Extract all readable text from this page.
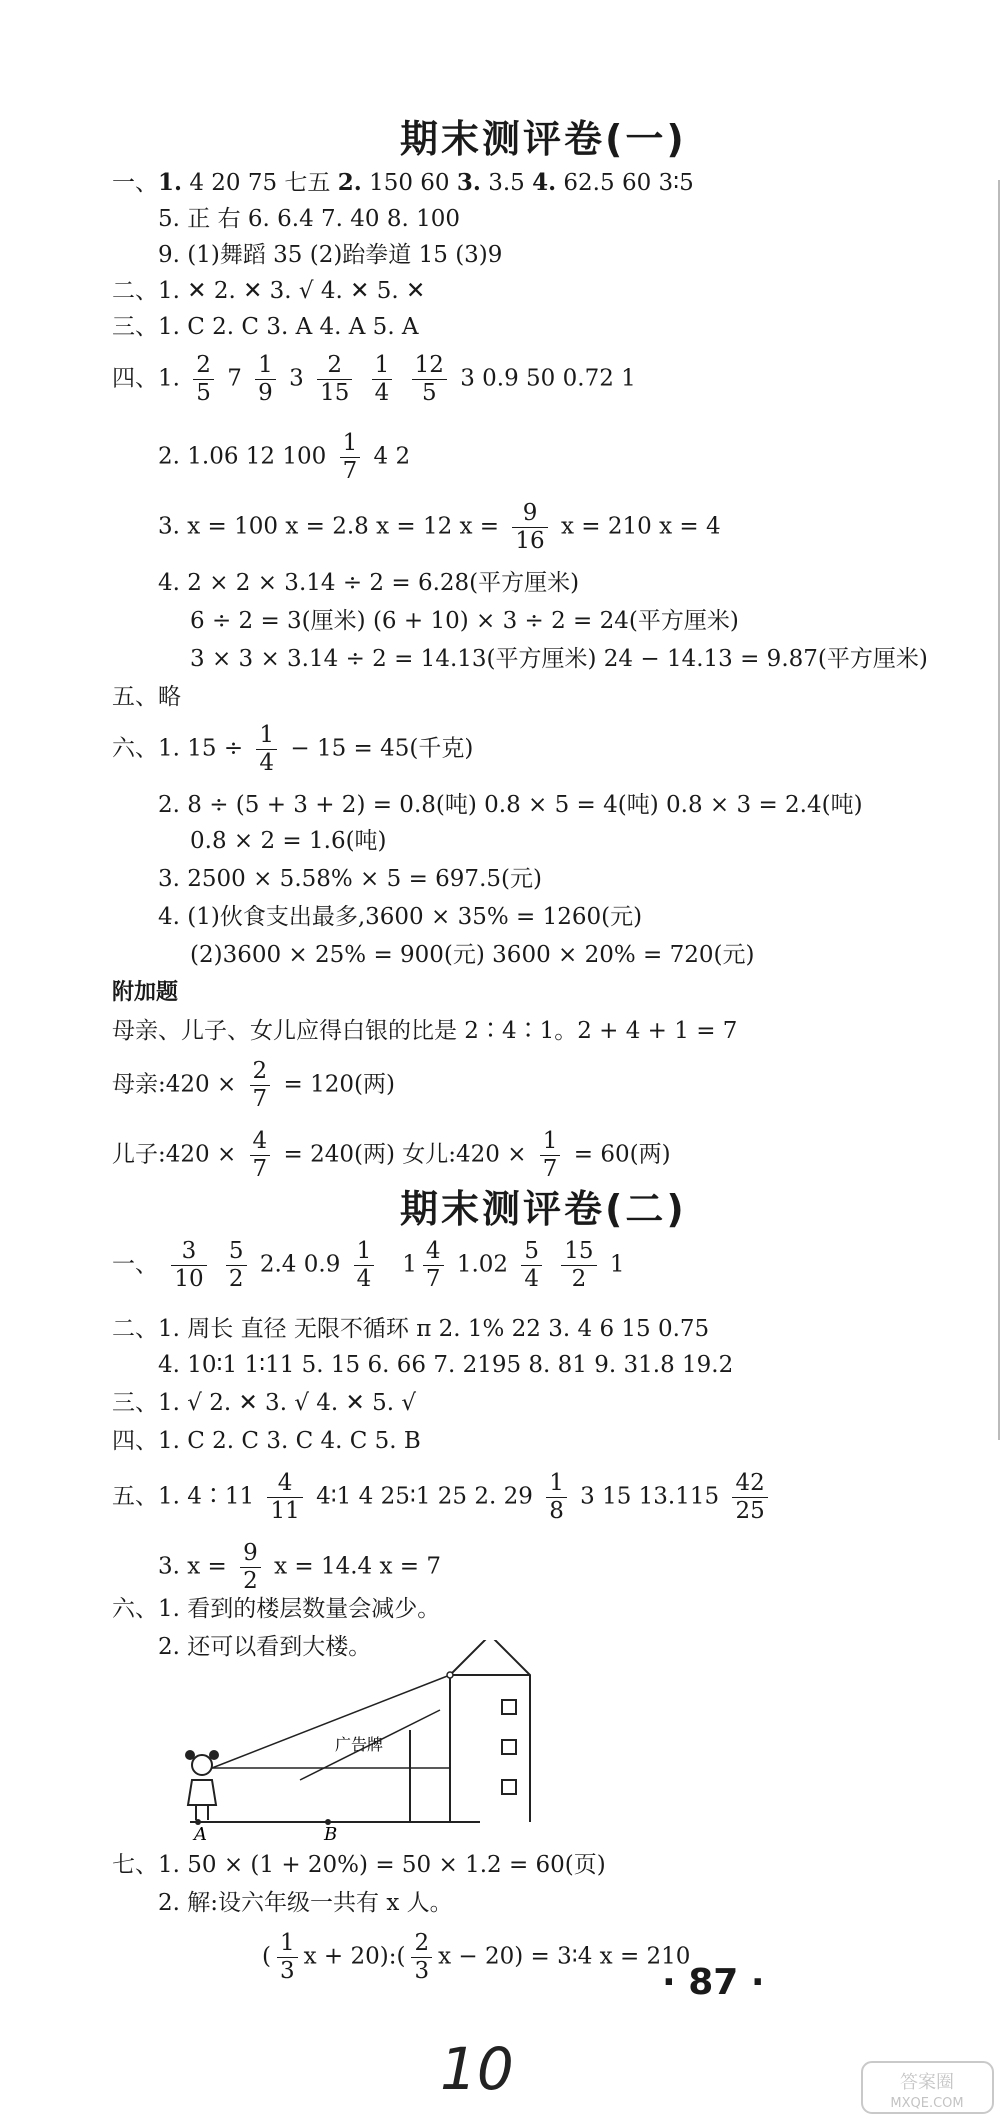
期末测评卷(一)
一、1. 4 20 75 七五 2. 150 60 3. 3.5 4. 62.5 60 3∶5
5. 正 右 6. 6.4 7. 40 8. 100
9. (1)舞蹈 35 (2)跆拳道 15 (3)9
二、1. ✕ 2. ✕ 3. √ 4. ✕ 5. ✕
三、1. C 2. C 3. A 4. A 5. A
四、1. $\frac{2}{5} 7 \frac{1}{9} 3 \frac{2}{15}$
$\frac{1}{4}$
$\frac{12}{5} 3$ 0.9 50 0.72 1
2. 1.06 12 $100 \frac{1}{7} 4$ 2
3. x = 100 x = 2.8 x = 12 $x = \frac{9}{16}$ x = 210 x = 4
4. 2 × 2 × 3.14 ÷ 2 = 6.28(平方厘米)
6 ÷ 2 = 3(厘米) (6 + 10) × 3 ÷ 2 = 24(平方厘米)
3 × 3 × 3.14 ÷ 2 = 14.13(平方厘米) 24 − 14.13 = 9.87(平方厘米)
五、略
六、1. $15 \div \frac{1}{4} - 15 = 45$(千克)
2. 8 ÷ (5 + 3 + 2) = 0.8(吨) 0.8 × 5 = 4(吨) 0.8 × 3 = 2.4(吨)
0.8 × 2 = 1.6(吨)
3. 2500 × 5.58% × 5 = 697.5(元)
4. (1)伙食支出最多,3600 × 35% = 1260(元)
(2)3600 × 25% = 900(元) 3600 × 20% = 720(元)
附加题
母亲、儿子、女儿应得白银的比是 2∶4∶1。2 + 4 + 1 = 7
母亲:420 × $\frac{2}{7} = 120$(两)
儿子:420 × $\frac{4}{7} = 240$(两) 女儿:420 × $\frac{1}{7} = 60$(两)
期末测评卷(二)
一、 $\frac{3}{10}$
$\frac{5}{2} 2.4$ $0.9 \frac{1}{4} 1 \frac{4}{7} 1.02 \frac{5}{4}$
$\frac{15}{2} 1$
二、1. 周长 直径 无限不循环 π 2. 1% 22 3. 4 6 15 0.75
4. 10∶1 1∶11 5. 15 6. 66 7. 2195 8. 81 9. 31.8 19.2
三、1. √ 2. ✕ 3. √ 4. ✕ 5. √
四、1. C 2. C 3. C 4. C 5. B
五、1. 4∶11 $\frac{4}{11}$ 4∶1 4 25∶1 25 2. $29 \frac{1}{8} 3$ 15 $13.115 \frac{42}{25}$
3. $x = \frac{9}{2}$ x = 14.4 x = 7
六、1. 看到的楼层数量会减少。
2. 还可以看到大楼。
A	B
广告牌
七、1. 50 × (1 + 20%) = 50 × 1.2 = 60(页)
2. 解:设六年级一共有 x 人。
( $\frac{1}{3}$ x + 20):( $\frac{2}{3}$ x − 20) = 3∶4 x = 210
· 87 ·
10	答案圈
MXQE.COM
